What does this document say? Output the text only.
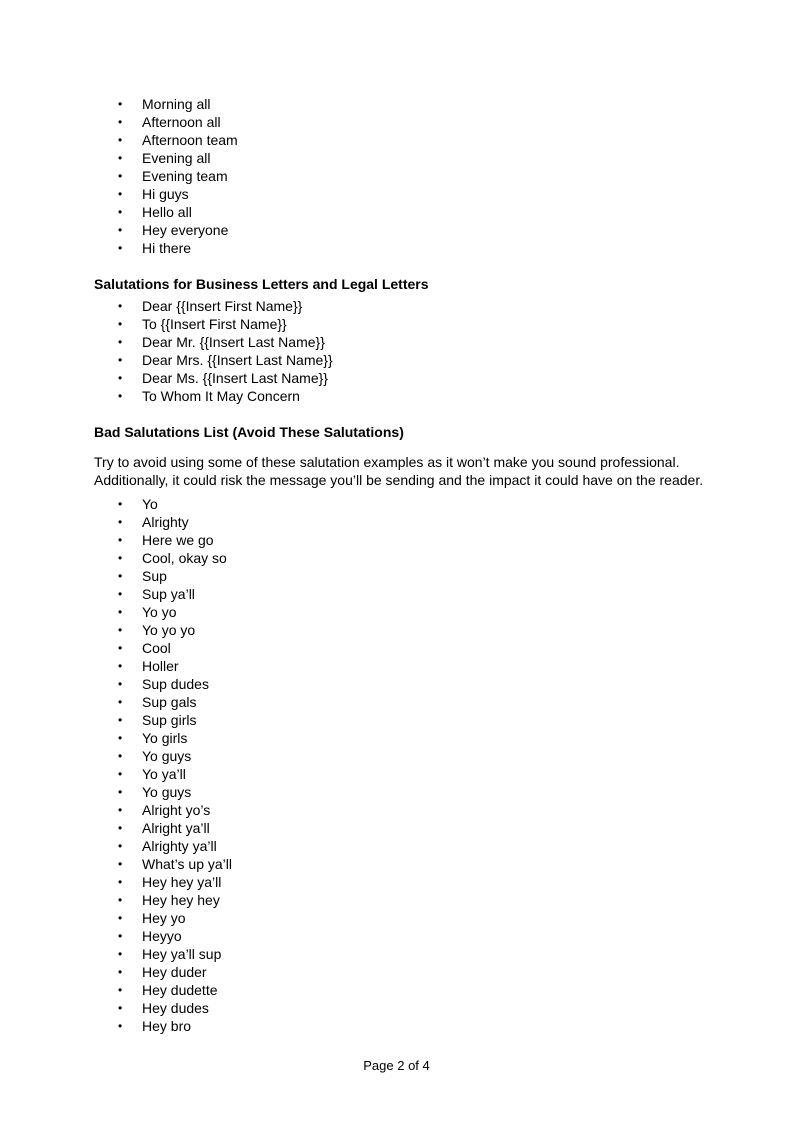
• Morning all
• Afternoon all
• Afternoon team
• Evening all
• Evening team
• Hi guys
• Hello all
• Hey everyone
• Hi there
Salutations for Business Letters and Legal Letters
• Dear {{Insert First Name}}
• To {{Insert First Name}}
• Dear Mr. {{Insert Last Name}}
• Dear Mrs. {{Insert Last Name}}
• Dear Ms. {{Insert Last Name}}
• To Whom It May Concern
Bad Salutations List (Avoid These Salutations)
Try to avoid using some of these salutation examples as it won’t make you sound professional. Additionally, it could risk the message you’ll be sending and the impact it could have on the reader.
• Yo
• Alrighty
• Here we go
• Cool, okay so
• Sup
• Sup ya’ll
• Yo yo
• Yo yo yo
• Cool
• Holler
• Sup dudes
• Sup gals
• Sup girls
• Yo girls
• Yo guys
• Yo ya’ll
• Yo guys
• Alright yo’s
• Alright ya’ll
• Alrighty ya’ll
• What’s up ya’ll
• Hey hey ya’ll
• Hey hey hey
• Hey yo
• Heyyo
• Hey ya’ll sup
• Hey duder
• Hey dudette
• Hey dudes
• Hey bro
Page 2 of 4
